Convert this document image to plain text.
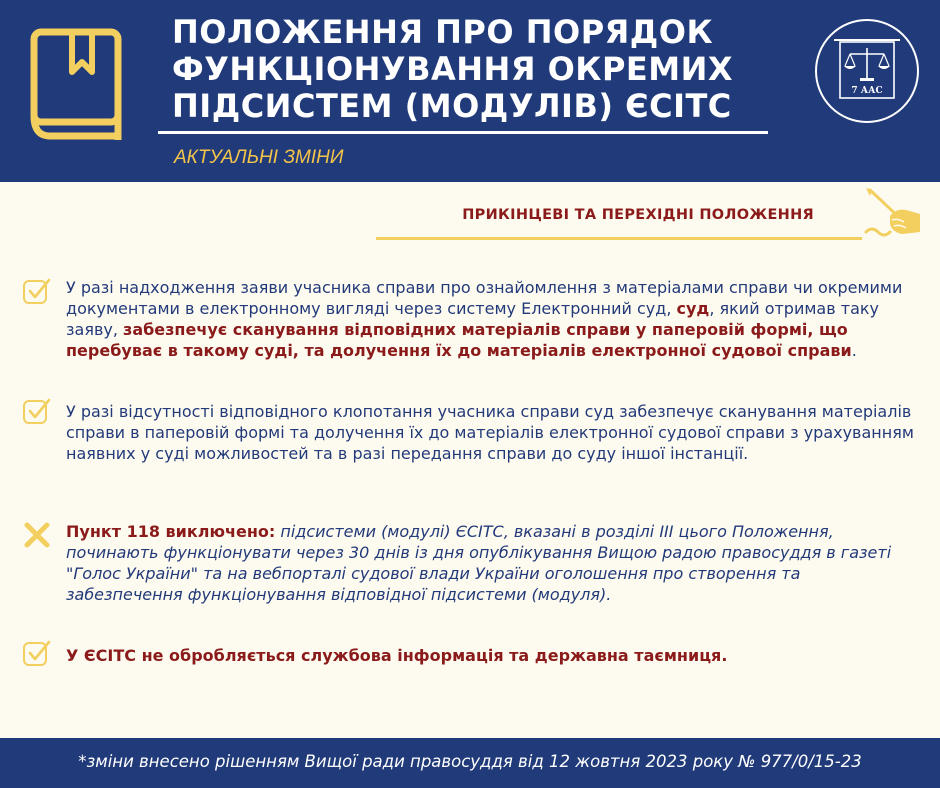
ПОЛОЖЕННЯ ПРО ПОРЯДОК
ФУНКЦІОНУВАННЯ ОКРЕМИХ
ПІДСИСТЕМ (МОДУЛІВ) ЄСІТС
АКТУАЛЬНІ ЗМІНИ
7 ААС
ПРИКІНЦЕВІ ТА ПЕРЕХІДНІ ПОЛОЖЕННЯ

У разі надходження заяви учасника справи про ознайомлення з матеріалами справи чи окремими документами в електронному вигляді через систему Електронний суд, суд, який отримав таку заяву, забезпечує сканування відповідних матеріалів справи у паперовій формі, що перебуває в такому суді, та долучення їх до матеріалів електронної судової справи.

У разі відсутності відповідного клопотання учасника справи суд забезпечує сканування матеріалів справи в паперовій формі та долучення їх до матеріалів електронної судової справи з урахуванням наявних у суді можливостей та в разі передання справи до суду іншої інстанції.

Пункт 118 виключено: підсистеми (модулі) ЄСІТС, вказані в розділі ІІІ цього Положення, починають функціонувати через 30 днів із дня опублікування Вищою радою правосуддя в газеті "Голос України" та на вебпорталі судової влади України оголошення про створення та забезпечення функціонування відповідної підсистеми (модуля).

У ЄСІТС не обробляється службова інформація та державна таємниця.

*зміни внесено рішенням Вищої ради правосуддя від 12 жовтня 2023 року № 977/0/15-23
